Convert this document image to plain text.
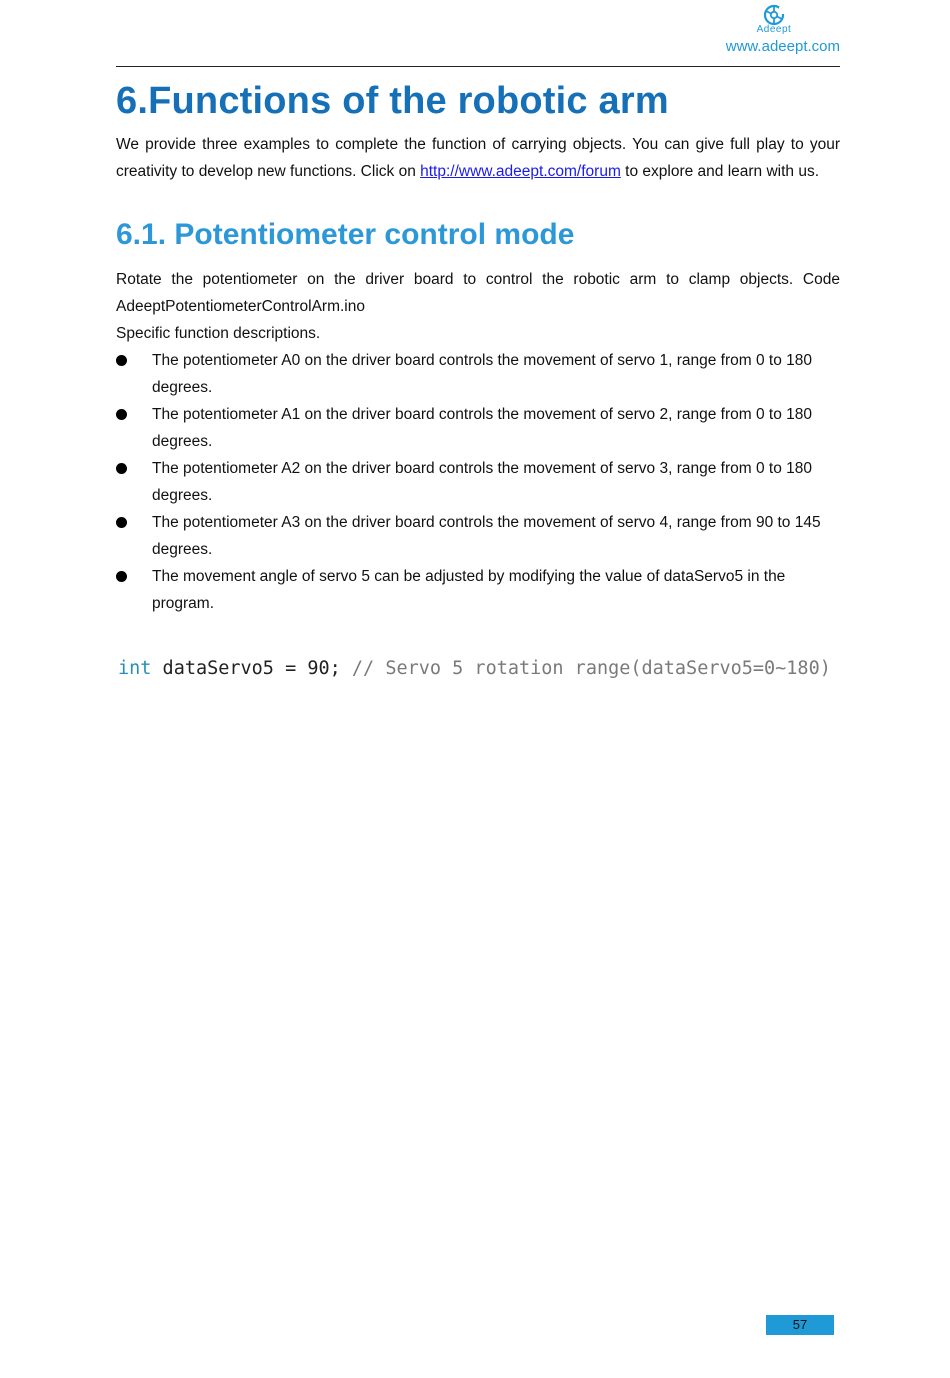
Adeept
www.adeept.com
6.Functions of the robotic arm

We provide three examples to complete the function of carrying objects. You can give full play to your creativity to develop new functions. Click on http://www.adeept.com/forum to explore and learn with us.

6.1. Potentiometer control mode

Rotate the potentiometer on the driver board to control the robotic arm to clamp objects. Code AdeeptPotentiometerControlArm.ino

Specific function descriptions.

The potentiometer A0 on the driver board controls the movement of servo 1, range from 0 to 180 degrees.
The potentiometer A1 on the driver board controls the movement of servo 2, range from 0 to 180 degrees.
The potentiometer A2 on the driver board controls the movement of servo 3, range from 0 to 180 degrees.
The potentiometer A3 on the driver board controls the movement of servo 4, range from 90 to 145 degrees.
The movement angle of servo 5 can be adjusted by modifying the value of dataServo5 in the program.
int dataServo5 = 90; // Servo 5 rotation range(dataServo5=0~180)
57
